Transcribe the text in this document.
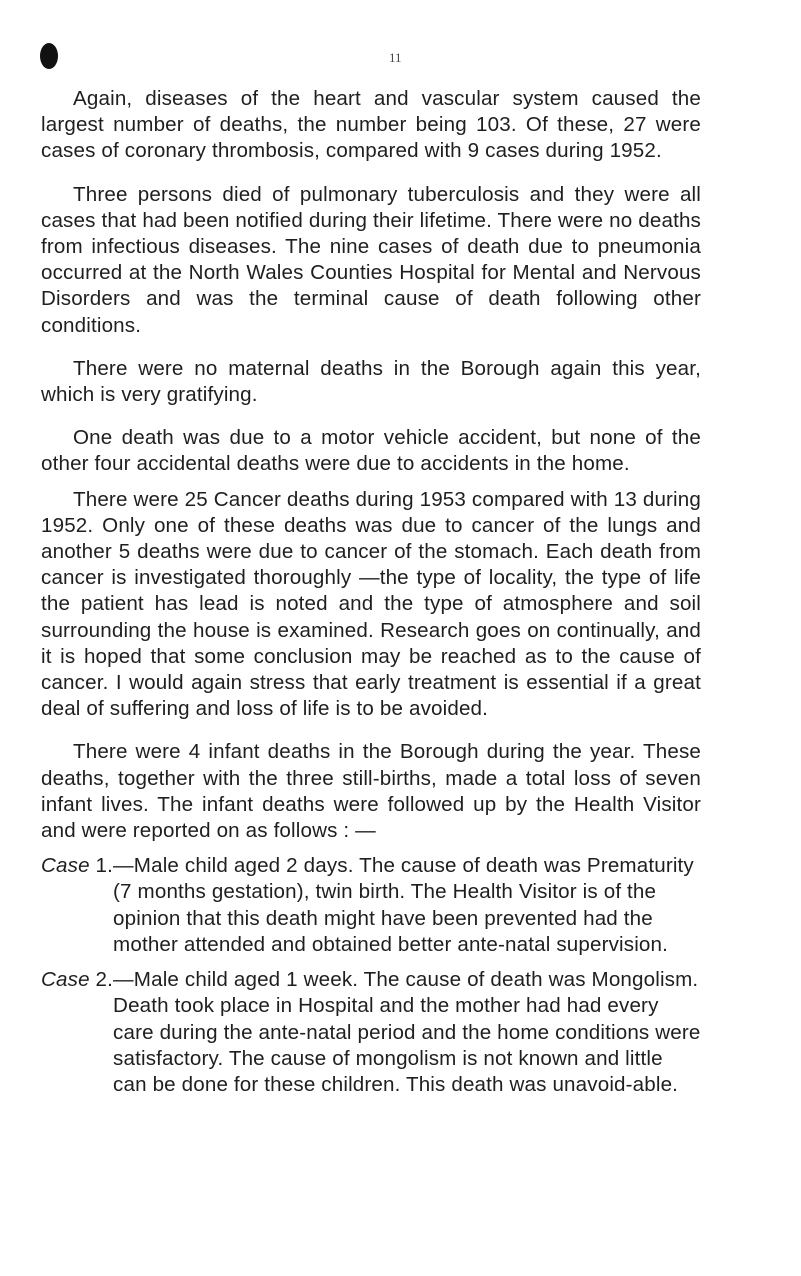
11

Again, diseases of the heart and vascular system caused the largest number of deaths, the number being 103. Of these, 27 were cases of coronary thrombosis, compared with 9 cases during 1952.

Three persons died of pulmonary tuberculosis and they were all cases that had been notified during their lifetime. There were no deaths from infectious diseases. The nine cases of death due to pneumonia occurred at the North Wales Counties Hospital for Mental and Nervous Disorders and was the terminal cause of death following other conditions.

There were no maternal deaths in the Borough again this year, which is very gratifying.

One death was due to a motor vehicle accident, but none of the other four accidental deaths were due to accidents in the home.

There were 25 Cancer deaths during 1953 compared with 13 during 1952. Only one of these deaths was due to cancer of the lungs and another 5 deaths were due to cancer of the stomach. Each death from cancer is investigated thoroughly —the type of locality, the type of life the patient has lead is noted and the type of atmosphere and soil surrounding the house is examined. Research goes on continually, and it is hoped that some conclusion may be reached as to the cause of cancer. I would again stress that early treatment is essential if a great deal of suffering and loss of life is to be avoided.

There were 4 infant deaths in the Borough during the year. These deaths, together with the three still-births, made a total loss of seven infant lives. The infant deaths were followed up by the Health Visitor and were reported on as follows : —

Case 1. —Male child aged 2 days. The cause of death was Prematurity (7 months gestation), twin birth. The Health Visitor is of the opinion that this death might have been prevented had the mother attended and obtained better ante-natal supervision.
Case 2. —Male child aged 1 week. The cause of death was Mongolism. Death took place in Hospital and the mother had had every care during the ante-natal period and the home conditions were satisfactory. The cause of mongolism is not known and little can be done for these children. This death was unavoid-able.
